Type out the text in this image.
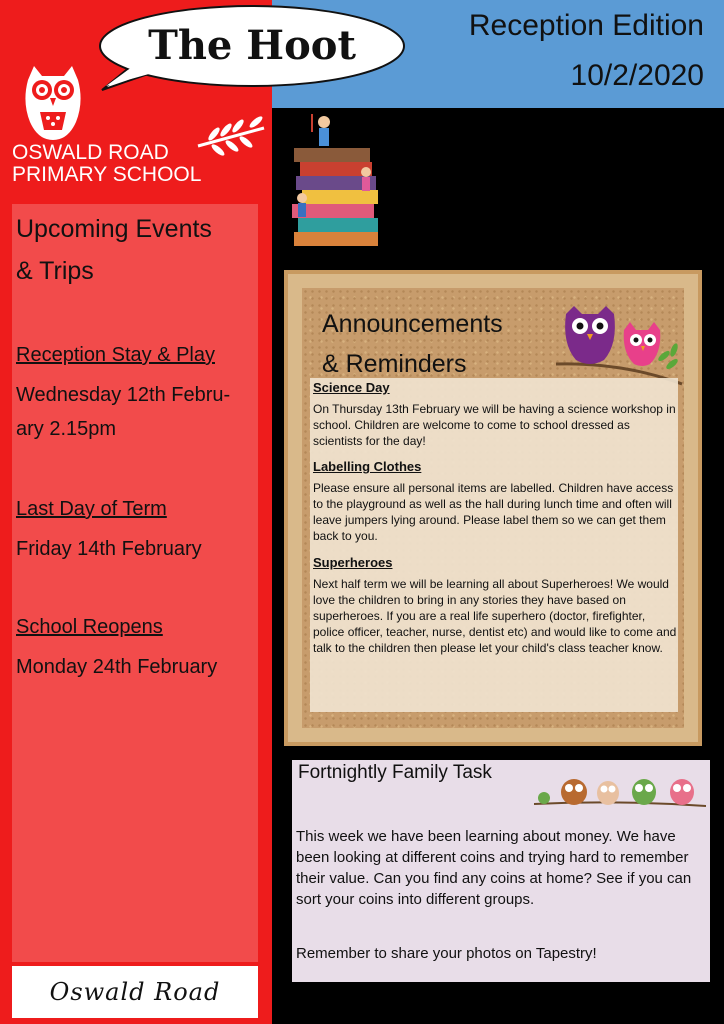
The Hoot	Reception Edition
10/2/2020
OSWALD ROAD
PRIMARY SCHOOL
Upcoming Events
& Trips
Reception Stay & Play
Wednesday 12th Febru-
ary 2.15pm
Last Day of Term
Friday 14th February
School Reopens
Monday 24th February
Oswald Road
Announcements
& Reminders
Science Day
On Thursday 13th February we will be having a science workshop in school. Children are welcome to come to school dressed as scientists for the day!
Labelling Clothes
Please ensure all personal items are labelled. Children have access to the playground as well as the hall during lunch time and often will leave jumpers lying around. Please label them so we can get them back to you.
Superheroes
Next half term we will be learning all about Superheroes! We would love the children to bring in any stories they have based on superheroes. If you are a real life superhero (doctor, firefighter, police officer, teacher, nurse, dentist etc) and would like to come and talk to the children then please let your child's class teacher know.
Fortnightly Family Task
This week we have been learning about money. We have been looking at different coins and trying hard to remember their value. Can you find any coins at home? See if you can sort your coins into different groups.
Remember to share your photos on Tapestry!
